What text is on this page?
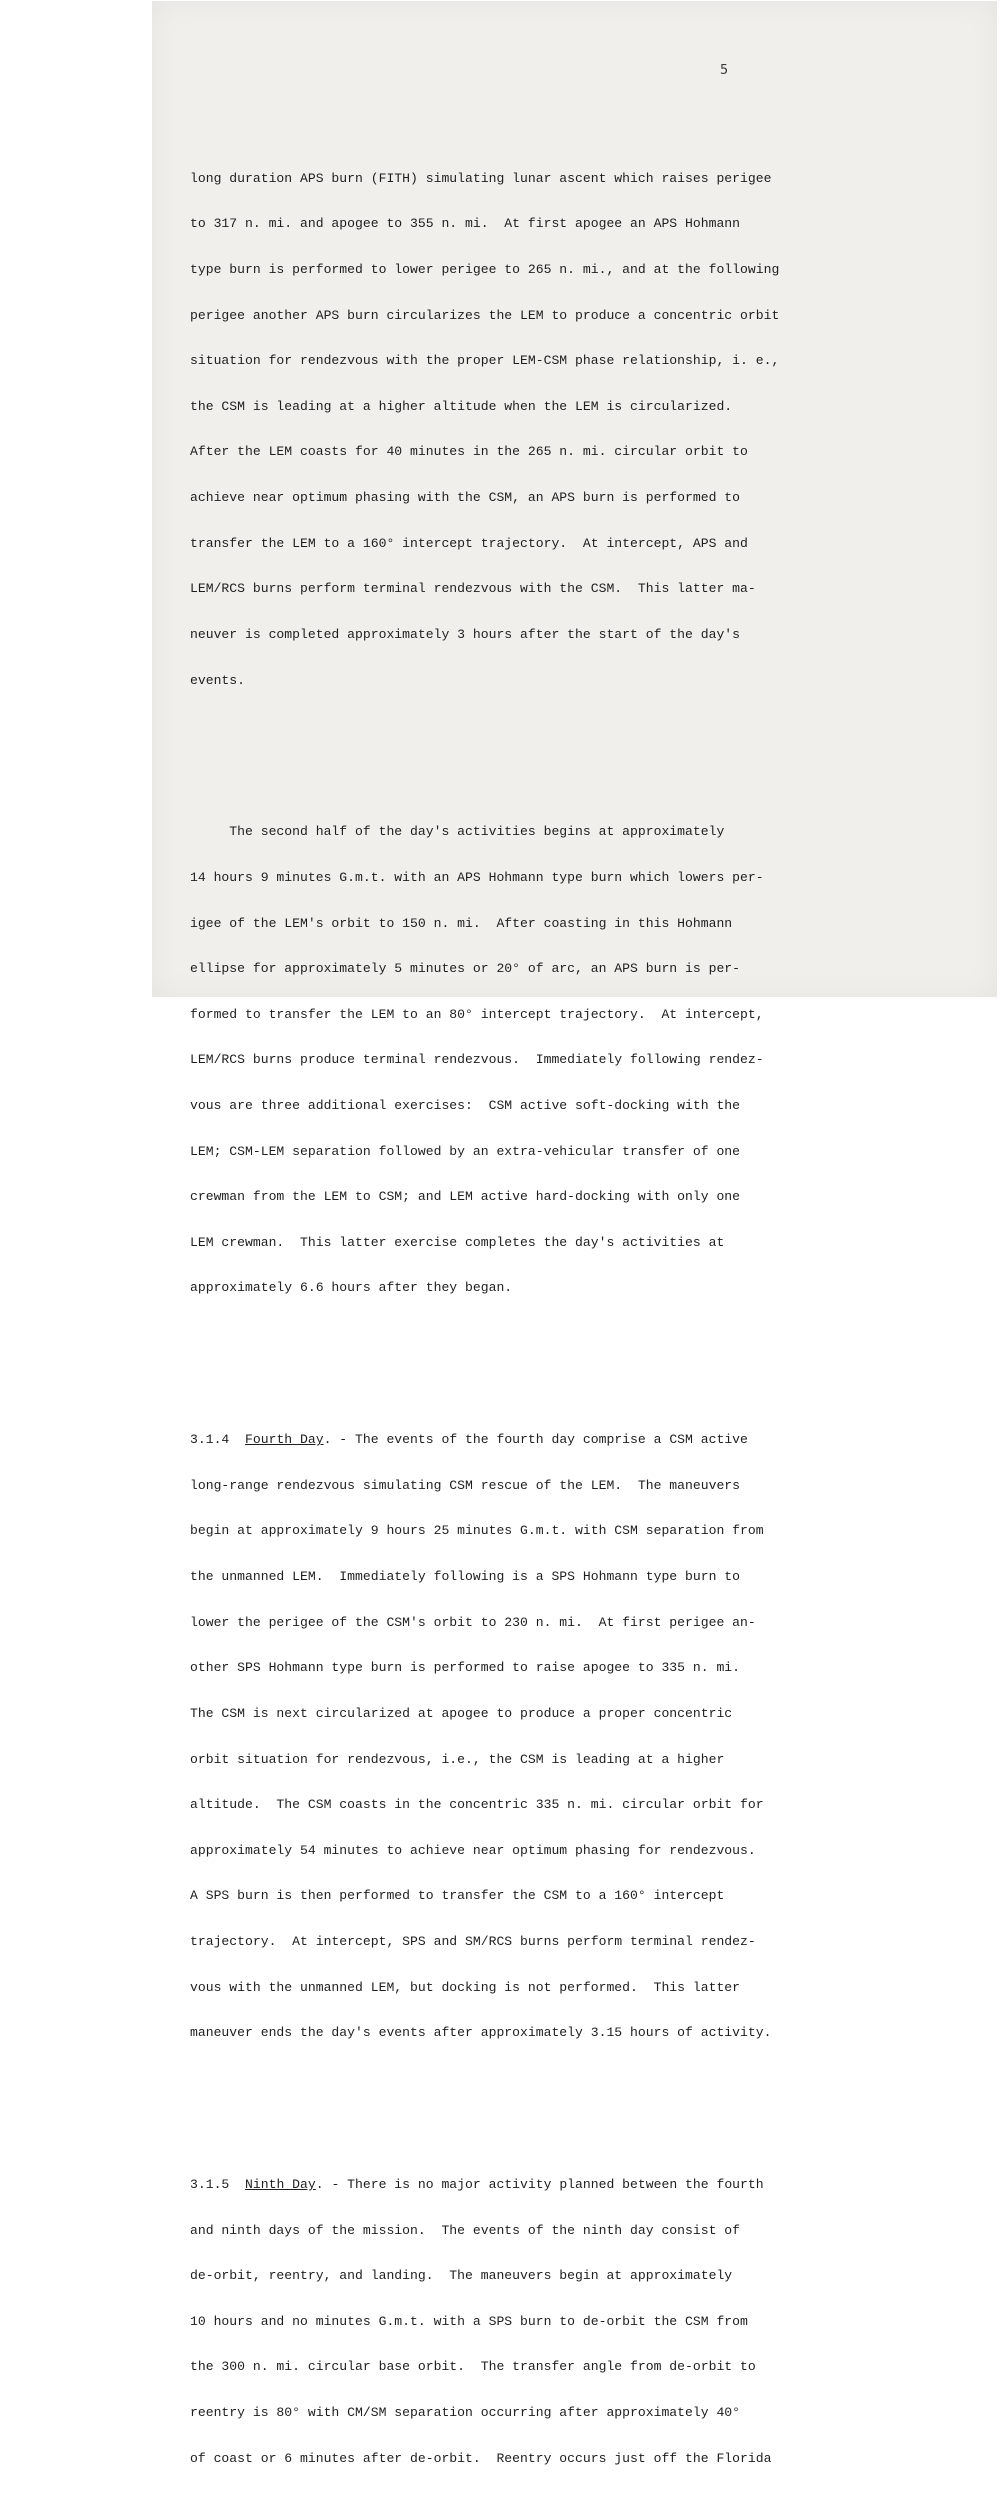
5

long duration APS burn (FITH) simulating lunar ascent which raises perigee

to 317 n. mi. and apogee to 355 n. mi.  At first apogee an APS Hohmann

type burn is performed to lower perigee to 265 n. mi., and at the following

perigee another APS burn circularizes the LEM to produce a concentric orbit

situation for rendezvous with the proper LEM-CSM phase relationship, i. e.,

the CSM is leading at a higher altitude when the LEM is circularized.

After the LEM coasts for 40 minutes in the 265 n. mi. circular orbit to

achieve near optimum phasing with the CSM, an APS burn is performed to

transfer the LEM to a 160° intercept trajectory.  At intercept, APS and

LEM/RCS burns perform terminal rendezvous with the CSM.  This latter ma-

neuver is completed approximately 3 hours after the start of the day's

events.

The second half of the day's activities begins at approximately

14 hours 9 minutes G.m.t. with an APS Hohmann type burn which lowers per-

igee of the LEM's orbit to 150 n. mi.  After coasting in this Hohmann

ellipse for approximately 5 minutes or 20° of arc, an APS burn is per-

formed to transfer the LEM to an 80° intercept trajectory.  At intercept,

LEM/RCS burns produce terminal rendezvous.  Immediately following rendez-

vous are three additional exercises:  CSM active soft-docking with the

LEM; CSM-LEM separation followed by an extra-vehicular transfer of one

crewman from the LEM to CSM; and LEM active hard-docking with only one

LEM crewman.  This latter exercise completes the day's activities at

approximately 6.6 hours after they began.

3.1.4 Fourth Day. - The events of the fourth day comprise a CSM active

long-range rendezvous simulating CSM rescue of the LEM.  The maneuvers

begin at approximately 9 hours 25 minutes G.m.t. with CSM separation from

the unmanned LEM.  Immediately following is a SPS Hohmann type burn to

lower the perigee of the CSM's orbit to 230 n. mi.  At first perigee an-

other SPS Hohmann type burn is performed to raise apogee to 335 n. mi.

The CSM is next circularized at apogee to produce a proper concentric

orbit situation for rendezvous, i.e., the CSM is leading at a higher

altitude.  The CSM coasts in the concentric 335 n. mi. circular orbit for

approximately 54 minutes to achieve near optimum phasing for rendezvous.

A SPS burn is then performed to transfer the CSM to a 160° intercept

trajectory.  At intercept, SPS and SM/RCS burns perform terminal rendez-

vous with the unmanned LEM, but docking is not performed.  This latter

maneuver ends the day's events after approximately 3.15 hours of activity.

3.1.5 Ninth Day. - There is no major activity planned between the fourth

and ninth days of the mission.  The events of the ninth day consist of

de-orbit, reentry, and landing.  The maneuvers begin at approximately

10 hours and no minutes G.m.t. with a SPS burn to de-orbit the CSM from

the 300 n. mi. circular base orbit.  The transfer angle from de-orbit to

reentry is 80° with CM/SM separation occurring after approximately 40°

of coast or 6 minutes after de-orbit.  Reentry occurs just off the Florida
